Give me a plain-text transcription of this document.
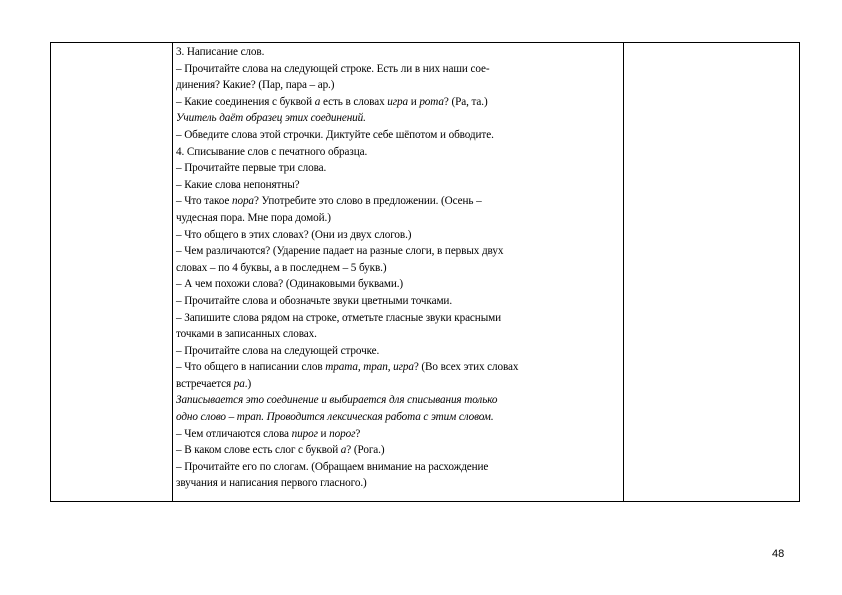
3. Написание слов.
– Прочитайте слова на следующей строке. Есть ли в них наши сое-
динения? Какие? (Пар, пара – ар.)
– Какие соединения с буквой а есть в словах игра и рота? (Ра, та.)
Учитель даёт образец этих соединений.
– Обведите слова этой строчки. Диктуйте себе шёпотом и обводите.
4. Списывание слов с печатного образца.
– Прочитайте первые три слова.
– Какие слова непонятны?
– Что такое пора? Употребите это слово в предложении. (Осень –
чудесная пора. Мне пора домой.)
– Что общего в этих словах? (Они из двух слогов.)
– Чем различаются? (Ударение падает на разные слоги, в первых двух
словах – по 4 буквы, а в последнем – 5 букв.)
– А чем похожи слова? (Одинаковыми буквами.)
– Прочитайте слова и обозначьте звуки цветными точками.
– Запишите слова рядом на строке, отметьте гласные звуки красными
точками в записанных словах.
– Прочитайте слова на следующей строчке.
– Что общего в написании слов трата, трап, игра? (Во всех этих словах
встречается ра.)
Записывается это соединение и выбирается для списывания только
одно слово – трап. Проводится лексическая работа с этим словом.
– Чем отличаются слова пирог и порог?
– В каком слове есть слог с буквой а? (Рога.)
– Прочитайте его по слогам. (Обращаем внимание на расхождение
звучания и написания первого гласного.)

48
